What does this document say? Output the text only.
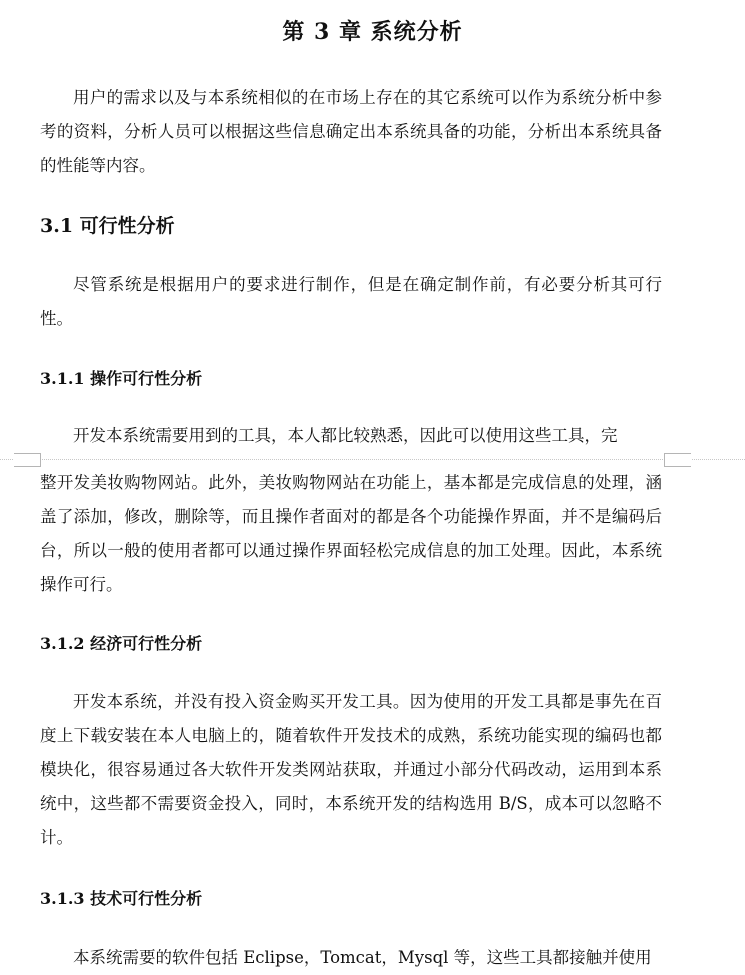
第 3 章 系统分析

用户的需求以及与本系统相似的在市场上存在的其它系统可以作为系统分析中参考的资料，分析人员可以根据这些信息确定出本系统具备的功能，分析出本系统具备的性能等内容。

3.1 可行性分析

尽管系统是根据用户的要求进行制作，但是在确定制作前，有必要分析其可行性。

3.1.1 操作可行性分析

开发本系统需要用到的工具，本人都比较熟悉，因此可以使用这些工具，完

整开发美妆购物网站。此外，美妆购物网站在功能上，基本都是完成信息的处理，涵盖了添加，修改，删除等，而且操作者面对的都是各个功能操作界面，并不是编码后台，所以一般的使用者都可以通过操作界面轻松完成信息的加工处理。因此，本系统操作可行。

3.1.2 经济可行性分析

开发本系统，并没有投入资金购买开发工具。因为使用的开发工具都是事先在百度上下载安装在本人电脑上的，随着软件开发技术的成熟，系统功能实现的编码也都模块化，很容易通过各大软件开发类网站获取，并通过小部分代码改动，运用到本系统中，这些都不需要资金投入，同时，本系统开发的结构选用 B/S，成本可以忽略不计。

3.1.3 技术可行性分析

本系统需要的软件包括 Eclipse，Tomcat，Mysql 等，这些工具都接触并使用
